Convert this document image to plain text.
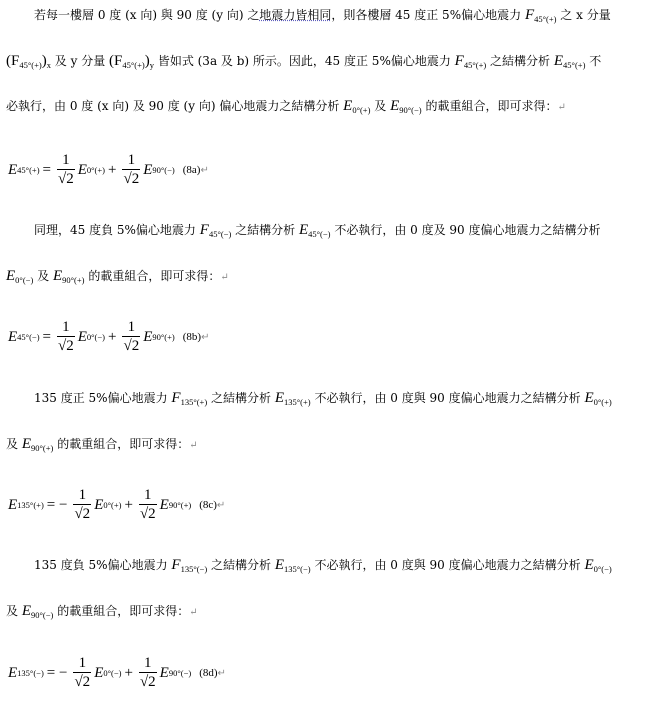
若每一樓層 0 度 (x 向) 與 90 度 (y 向) 之地震力皆相同，則各樓層 45 度正 5%偏心地震力 $F_{45^\circ(+)}$ 之 x 分量
$(F_{45^\circ(+)})_x$ 及 y 分量 $(F_{45^\circ(+)})_y$ 皆如式 (3a 及 b) 所示。因此，45 度正 5%偏心地震力 $F_{45^\circ(+)}$ 之結構分析 $E_{45^\circ(+)}$ 不
必執行，由 0 度 (x 向) 及 90 度 (y 向) 偏心地震力之結構分析 $E_{0^\circ(+)}$ 及 $E_{90^\circ(-)}$ 的載重組合，即可求得：↵
E $45^\circ(+) = \frac{1}{√2}$ E $0^\circ(+) + \frac{1}{√2}$ E 90°(−) (8a) ↵
同理，45 度負 5%偏心地震力 $F_{45^\circ(-)}$ 之結構分析 $E_{45^\circ(-)}$ 不必執行，由 0 度及 90 度偏心地震力之結構分析
$E_{0^\circ(-)}$ 及 $E_{90^\circ(+)}$ 的載重組合，即可求得：↵
E $45^\circ(-) = \frac{1}{√2}$ E $0^\circ(-) + \frac{1}{√2}$ E 90°(+) (8b) ↵
135 度正 5%偏心地震力 $F_{135^\circ(+)}$ 之結構分析 $E_{135^\circ(+)}$ 不必執行，由 0 度與 90 度偏心地震力之結構分析 $E_{0^\circ(+)}$
及 $E_{90^\circ(+)}$ 的載重組合，即可求得：↵
E 135°(+) = − $\frac{1}{√2}$ E $0^\circ(+) + \frac{1}{√2}$ E 90°(+) (8c) ↵
135 度負 5%偏心地震力 $F_{135^\circ(-)}$ 之結構分析 $E_{135^\circ(-)}$ 不必執行，由 0 度與 90 度偏心地震力之結構分析 $E_{0^\circ(-)}$
及 $E_{90^\circ(-)}$ 的載重組合，即可求得：↵
E 135°(−) = − $\frac{1}{√2}$ E $0^\circ(-) + \frac{1}{√2}$ E 90°(−) (8d) ↵
